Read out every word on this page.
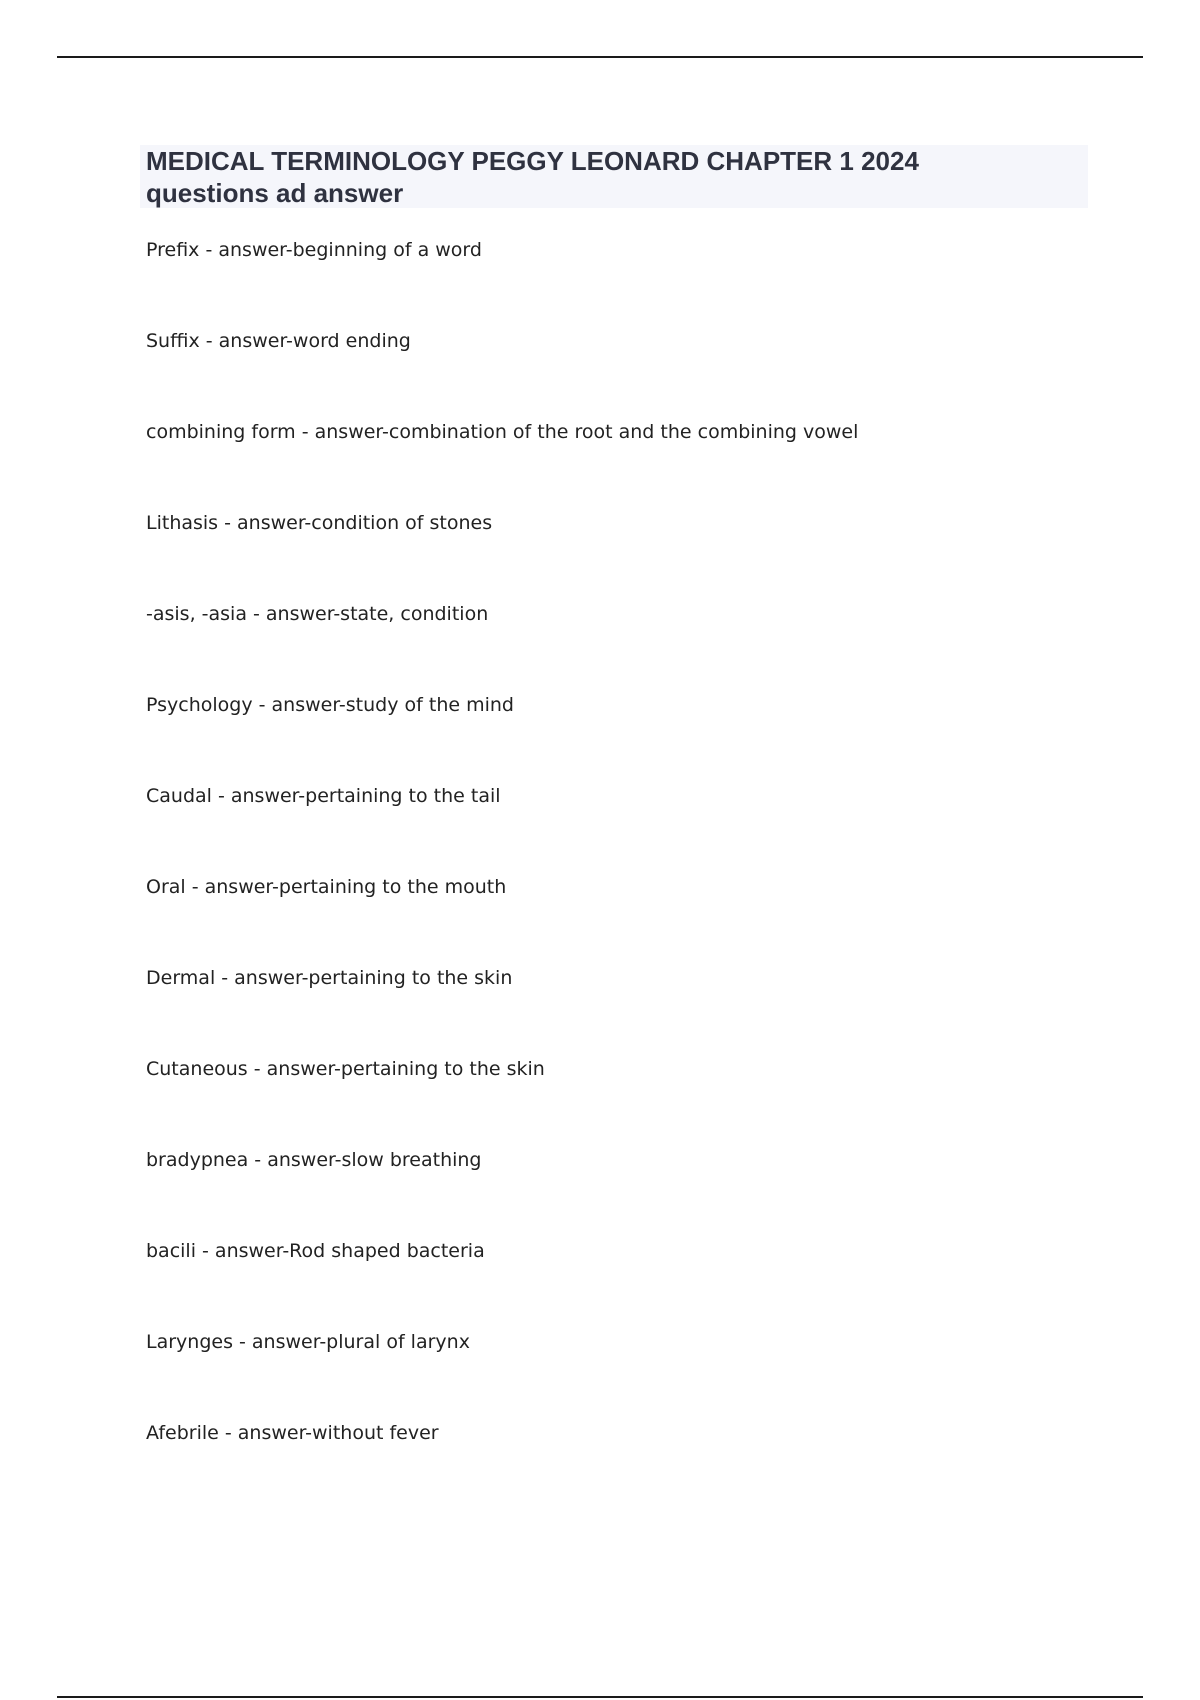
MEDICAL TERMINOLOGY PEGGY LEONARD CHAPTER 1 2024
questions ad answer
Prefix - answer-beginning of a word
Suffix - answer-word ending
combining form - answer-combination of the root and the combining vowel
Lithasis - answer-condition of stones
-asis, -asia - answer-state, condition
Psychology - answer-study of the mind
Caudal - answer-pertaining to the tail
Oral - answer-pertaining to the mouth
Dermal - answer-pertaining to the skin
Cutaneous - answer-pertaining to the skin
bradypnea - answer-slow breathing
bacili - answer-Rod shaped bacteria
Larynges - answer-plural of larynx
Afebrile - answer-without fever
